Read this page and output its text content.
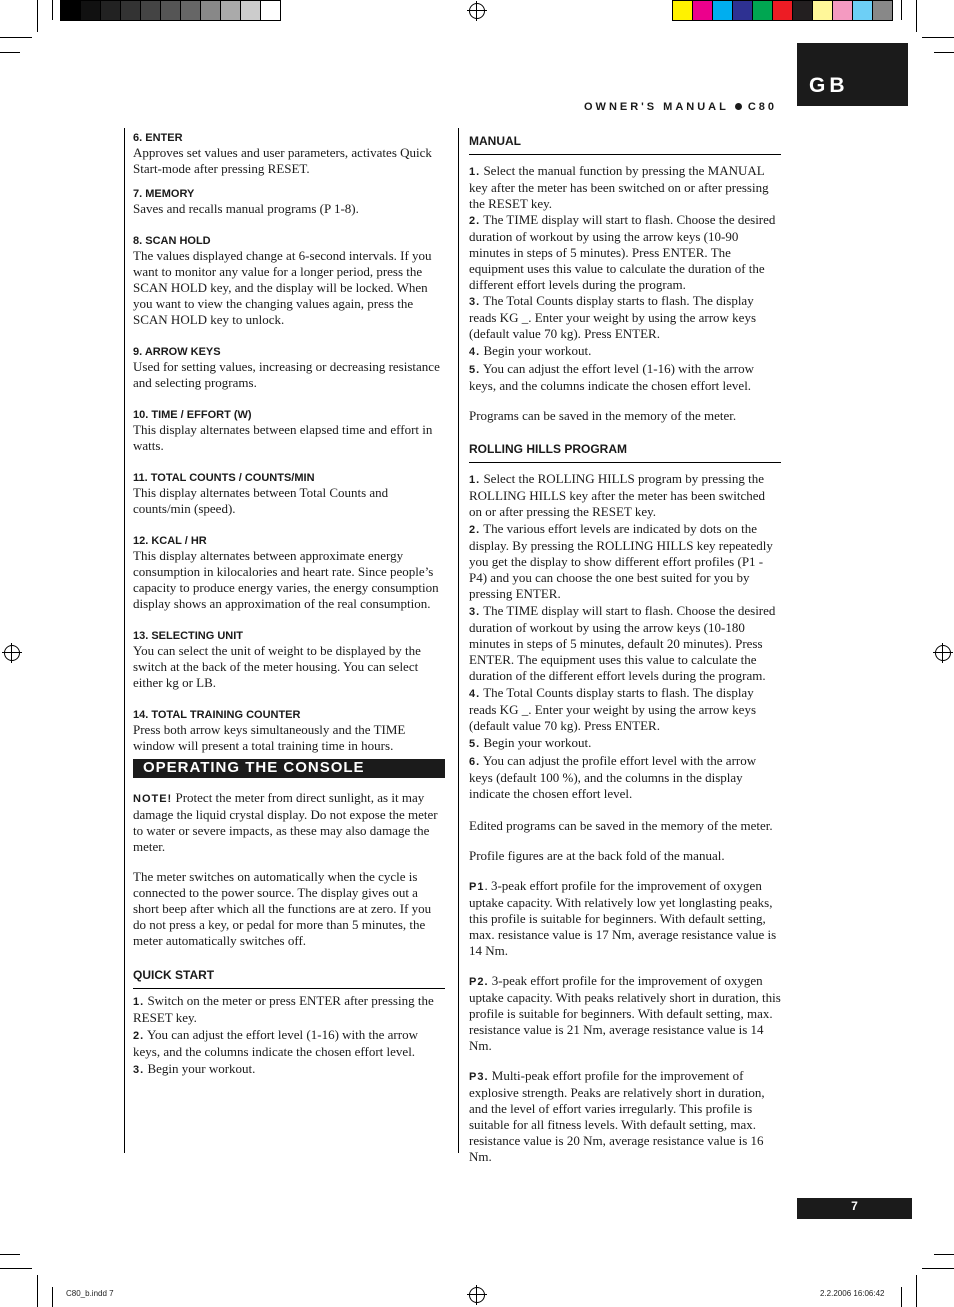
GB
OWNER'S MANUAL C80
6. ENTER

Approves set values and user parameters, activates Quick Start-mode after pressing RESET.

7. MEMORY

Saves and recalls manual programs (P 1-8).

8. SCAN HOLD

The values displayed change at 6-second intervals. If you want to monitor any value for a longer period, press the SCAN HOLD key, and the display will be locked. When you want to view the changing values again, press the SCAN HOLD key to unlock.

9. ARROW KEYS

Used for setting values, increasing or decreasing resistance and selecting programs.

10. TIME / EFFORT (W)

This display alternates between elapsed time and effort in watts.

11. TOTAL COUNTS / COUNTS/MIN

This display alternates between Total Counts and counts/min (speed).

12. KCAL / HR

This display alternates between approximate energy consumption in kilocalories and heart rate. Since people’s capacity to produce energy varies, the energy consumption display shows an approximation of the real consumption.

13. SELECTING UNIT

You can select the unit of weight to be displayed by the switch at the back of the meter housing. You can select either kg or LB.

14. TOTAL TRAINING COUNTER

Press both arrow keys simultaneously and the TIME window will present a total training time in hours.

OPERATING THE CONSOLE

NOTE! Protect the meter from direct sunlight, as it may damage the liquid crystal display. Do not expose the meter to water or severe impacts, as these may also damage the meter.

The meter switches on automatically when the cycle is connected to the power source. The display gives out a short beep after which all the functions are at zero. If you do not press a key, or pedal for more than 5 minutes, the meter automatically switches off.

QUICK START

1. Switch on the meter or press ENTER after pressing the RESET key.

2. You can adjust the effort level (1-16) with the arrow keys, and the columns indicate the chosen effort level.

3. Begin your workout.

MANUAL

1. Select the manual function by pressing the MANUAL key after the meter has been switched on or after pressing the RESET key.

2. The TIME display will start to flash. Choose the desired duration of workout by using the arrow keys (10-90 minutes in steps of 5 minutes). Press ENTER. The equipment uses this value to calculate the duration of the different effort levels during the program.

3. The Total Counts display starts to flash. The display reads KG _. Enter your weight by using the arrow keys (default value 70 kg). Press ENTER.

4. Begin your workout.

5. You can adjust the effort level (1-16) with the arrow keys, and the columns indicate the chosen effort level.

Programs can be saved in the memory of the meter.

ROLLING HILLS PROGRAM

1. Select the ROLLING HILLS program by pressing the ROLLING HILLS key after the meter has been switched on or after pressing the RESET key.

2. The various effort levels are indicated by dots on the display. By pressing the ROLLING HILLS key repeatedly you get the display to show different effort profiles (P1 - P4) and you can choose the one best suited for you by pressing ENTER.

3. The TIME display will start to flash. Choose the desired duration of workout by using the arrow keys (10-180 minutes in steps of 5 minutes, default 20 minutes). Press ENTER. The equipment uses this value to calculate the duration of the different effort levels during the program.

4. The Total Counts display starts to flash. The display reads KG _. Enter your weight by using the arrow keys (default value 70 kg). Press ENTER.

5. Begin your workout.

6. You can adjust the profile effort level with the arrow keys (default 100 %), and the columns in the display indicate the chosen effort level.

Edited programs can be saved in the memory of the meter.

Profile figures are at the back fold of the manual.

P1. 3-peak effort profile for the improvement of oxygen uptake capacity. With relatively low yet longlasting peaks, this profile is suitable for beginners. With default setting, max. resistance value is 17 Nm, average resistance value is 14 Nm.

P2. 3-peak effort profile for the improvement of oxygen uptake capacity. With peaks relatively short in duration, this profile is suitable for beginners. With default setting, max. resistance value is 21 Nm, average resistance value is 14 Nm.

P3. Multi-peak effort profile for the improvement of explosive strength. Peaks are relatively short in duration, and the level of effort varies irregularly. This profile is suitable for all fitness levels. With default setting, max. resistance value is 20 Nm, average resistance value is 16 Nm.

7
C80_b.indd 7	2.2.2006 16:06:42
